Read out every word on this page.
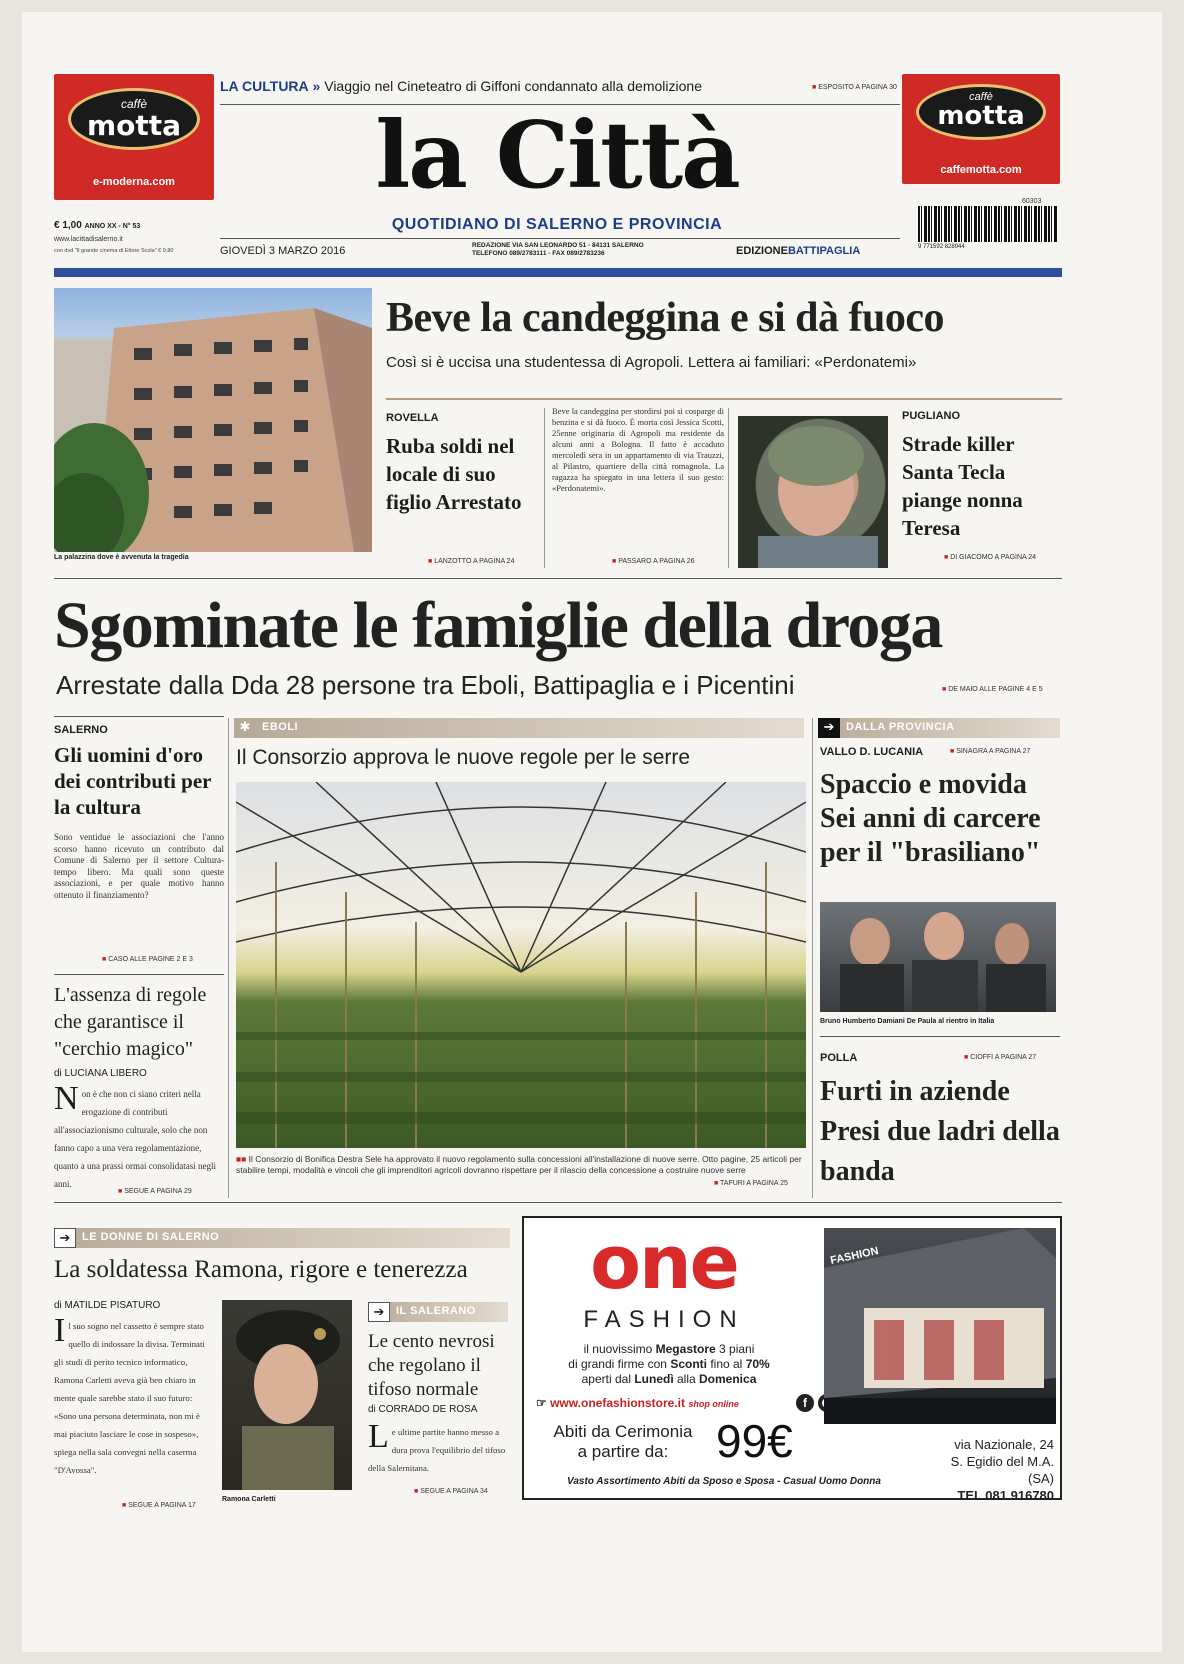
caffè
motta
e-moderna.com
€ 1,00 ANNO XX - N° 53
www.lacittadisalerno.it
con dvd "Il grande cinema di Ettore Scola" € 9,80
LA CULTURA » Viaggio nel Cineteatro di Giffoni condannato alla demolizione	■ ESPOSITO A PAGINA 30
la Città
QUOTIDIANO DI SALERNO E PROVINCIA
GIOVEDÌ 3 MARZO 2016	REDAZIONE VIA SAN LEONARDO 51 - 84131 SALERNO
TELEFONO 089/2783111 - FAX 089/2783236	EDIZIONEBATTIPAGLIA
caffè
motta
caffemotta.com
60303
9 771592 828044
La palazzina dove è avvenuta la tragedia
Beve la candeggina e si dà fuoco
Così si è uccisa una studentessa di Agropoli. Lettera ai familiari: «Perdonatemi»
ROVELLA
Ruba soldi nel locale di suo figlio Arrestato
■ LANZOTTO A PAGINA 24
Beve la candeggina per stordirsi poi si cosparge di benzina e si dà fuoco. È morta così Jessica Scotti, 25enne originaria di Agropoli ma residente da alcuni anni a Bologna. Il fatto è accaduto mercoledì sera in un appartamento di via Trauzzi, al Pilastro, quartiere della città romagnola. La ragazza ha spiegato in una lettera il suo gesto: «Perdonatemi».
■ PASSARO A PAGINA 26
PUGLIANO
Strade killer Santa Tecla piange nonna Teresa
■ DI GIACOMO A PAGINA 24
Sgominate le famiglie della droga
Arrestate dalla Dda 28 persone tra Eboli, Battipaglia e i Picentini	■ DE MAIO ALLE PAGINE 4 E 5
SALERNO
Gli uomini d'oro dei contributi per la cultura
Sono ventidue le associazioni che l'anno scorso hanno ricevuto un contributo dal Comune di Salerno per il settore Cultura-tempo libero. Ma quali sono queste associazioni, e per quale motivo hanno ottenuto il finanziamento?
■ CASO ALLE PAGINE 2 E 3
L'assenza di regole che garantisce il "cerchio magico"
di LUCIANA LIBERO
N on è che non ci siano criteri nella erogazione di contributi all'associazionismo culturale, solo che non fanno capo a una vera regolamentazione, quanto a una prassi ormai consolidatasi negli anni.
■ SEGUE A PAGINA 29
✱	EBOLI
Il Consorzio approva le nuove regole per le serre
■■ Il Consorzio di Bonifica Destra Sele ha approvato il nuovo regolamento sulla concessioni all'installazione di nuove serre. Otto pagine, 25 articoli per stabilire tempi, modalità e vincoli che gli imprenditori agricoli dovranno rispettare per il rilascio della concessione a costruire nuove serre
■ TAFURI A PAGINA 25
➔	DALLA PROVINCIA
VALLO D. LUCANIA	■ SINAGRA A PAGINA 27
Spaccio e movida Sei anni di carcere per il "brasiliano"
Bruno Humberto Damiani De Paula al rientro in Italia
POLLA	■ CIOFFI A PAGINA 27
Furti in aziende Presi due ladri della banda
➔	LE DONNE DI SALERNO
La soldatessa Ramona, rigore e tenerezza
di MATILDE PISATURO
I l suo sogno nel cassetto è sempre stato quello di indossare la divisa. Terminati gli studi di perito tecnico informatico, Ramona Carletti aveva già ben chiaro in mente quale sarebbe stato il suo futuro: «Sono una persona determinata, non mi è mai piaciuto lasciare le cose in sospeso», spiega nella sala convegni nella caserma "D'Avossa".
■ SEGUE A PAGINA 17
Ramona Carletti
➔	IL SALERANO
Le cento nevrosi che regolano il tifoso normale
di CORRADO DE ROSA
L e ultime partite hanno messo a dura prova l'equilibrio del tifoso della Salernitana.
■ SEGUE A PAGINA 34
one
FASHION
il nuovissimo Megastore 3 piani
di grandi firme con Sconti fino al 70%
aperti dal Lunedì alla Domenica
☞ www.onefashionstore.it shop online	f
Abiti da Cerimonia
a partire da:	99€
Vasto Assortimento Abiti da Sposo e Sposa - Casual Uomo Donna
FASHION
via Nazionale, 24
S. Egidio del M.A. (SA)
TEL 081 916780
